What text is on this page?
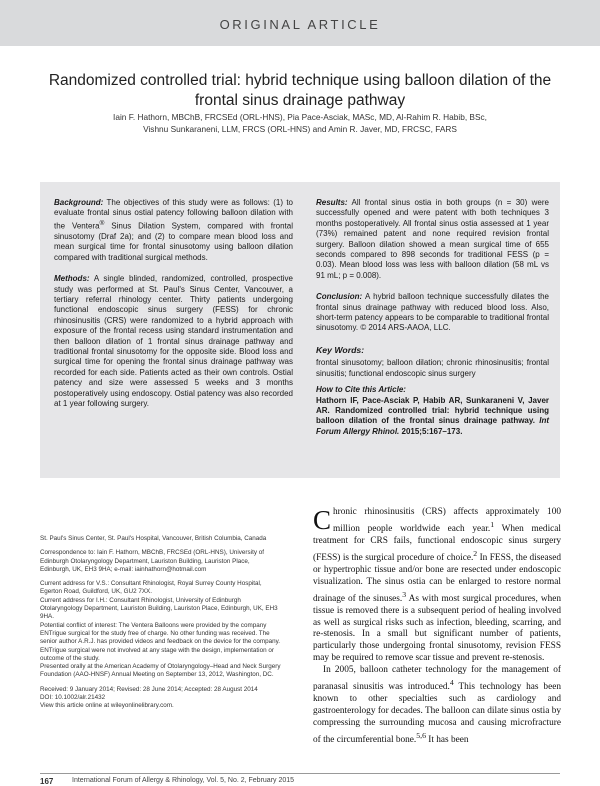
ORIGINAL ARTICLE
Randomized controlled trial: hybrid technique using balloon dilation of the
frontal sinus drainage pathway
Iain F. Hathorn, MBChB, FRCSEd (ORL-HNS), Pia Pace-Asciak, MASc, MD, Al-Rahim R. Habib, BSc,
Vishnu Sunkaraneni, LLM, FRCS (ORL-HNS) and Amin R. Javer, MD, FRCSC, FARS

Background: The objectives of this study were as follows: (1) to evaluate frontal sinus ostial patency following balloon dilation with the Ventera® Sinus Dilation System, compared with frontal sinusotomy (Draf 2a); and (2) to compare mean blood loss and mean surgical time for frontal sinusotomy using balloon dilation compared with traditional surgical methods.

Methods: A single blinded, randomized, controlled, prospective study was performed at St. Paul's Sinus Center, Vancouver, a tertiary referral rhinology center. Thirty patients undergoing functional endoscopic sinus surgery (FESS) for chronic rhinosinusitis (CRS) were randomized to a hybrid approach with exposure of the frontal recess using standard instrumentation and then balloon dilation of 1 frontal sinus drainage pathway and traditional frontal sinusotomy for the opposite side. Blood loss and surgical time for opening the frontal sinus drainage pathway was recorded for each side. Patients acted as their own controls. Ostial patency and size were assessed 5 weeks and 3 months postoperatively using endoscopy. Ostial patency was also recorded at 1 year following surgery.

Results: All frontal sinus ostia in both groups (n = 30) were successfully opened and were patent with both techniques 3 months postoperatively. All frontal sinus ostia assessed at 1 year (73%) remained patent and none required revision frontal surgery. Balloon dilation showed a mean surgical time of 655 seconds compared to 898 seconds for traditional FESS (p = 0.03). Mean blood loss was less with balloon dilation (58 mL vs 91 mL; p = 0.008).

Conclusion: A hybrid balloon technique successfully dilates the frontal sinus drainage pathway with reduced blood loss. Also, short-term patency appears to be comparable to traditional frontal sinusotomy. © 2014 ARS-AAOA, LLC.

Key Words:

frontal sinusotomy; balloon dilation; chronic rhinosinusitis; frontal sinusitis; functional endoscopic sinus surgery

How to Cite this Article:

Hathorn IF, Pace-Asciak P, Habib AR, Sunkaraneni V, Javer AR. Randomized controlled trial: hybrid technique using balloon dilation of the frontal sinus drainage pathway. Int Forum Allergy Rhinol. 2015;5:167–173.

St. Paul's Sinus Center, St. Paul's Hospital, Vancouver, British Columbia, Canada

Correspondence to: Iain F. Hathorn, MBChB, FRCSEd (ORL-HNS), University of Edinburgh Otolaryngology Department, Lauriston Building, Lauriston Place, Edinburgh, UK, EH3 9HA; e-mail: iainhathorn@hotmail.com

Current address for V.S.: Consultant Rhinologist, Royal Surrey County Hospital, Egerton Road, Guildford, UK, GU2 7XX.

Current address for I.H.: Consultant Rhinologist, University of Edinburgh Otolaryngology Department, Lauriston Building, Lauriston Place, Edinburgh, UK, EH3 9HA.

Potential conflict of interest: The Ventera Balloons were provided by the company ENTrigue surgical for the study free of charge. No other funding was received. The senior author A.R.J. has provided videos and feedback on the device for the company. ENTrigue surgical were not involved at any stage with the design, implementation or outcome of the study.

Presented orally at the American Academy of Otolaryngology–Head and Neck Surgery Foundation (AAO-HNSF) Annual Meeting on September 13, 2012, Washington, DC.

Received: 9 January 2014; Revised: 28 June 2014; Accepted: 28 August 2014

DOI: 10.1002/alr.21432

View this article online at wileyonlinelibrary.com.

Chronic rhinosinusitis (CRS) affects approximately 100 million people worldwide each year.$^1$ When medical treatment for CRS fails, functional endoscopic sinus surgery (FESS) is the surgical procedure of choice.$^2$ In FESS, the diseased or hypertrophic tissue and/or bone are resected under endoscopic visualization. The sinus ostia can be enlarged to restore normal drainage of the sinuses.$^3$ As with most surgical procedures, when tissue is removed there is a subsequent period of healing involved as well as surgical risks such as infection, bleeding, scarring, and re-stenosis. In a small but significant number of patients, particularly those undergoing frontal sinusotomy, revision FESS may be required to remove scar tissue and prevent re-stenosis.

In 2005, balloon catheter technology for the management of paranasal sinusitis was introduced.$^4$ This technology has been known to other specialties such as cardiology and gastroenterology for decades. The balloon can dilate sinus ostia by compressing the surrounding mucosa and causing microfracture of the circumferential bone.$^{5,6}$ It has been

167	International Forum of Allergy & Rhinology, Vol. 5, No. 2, February 2015
